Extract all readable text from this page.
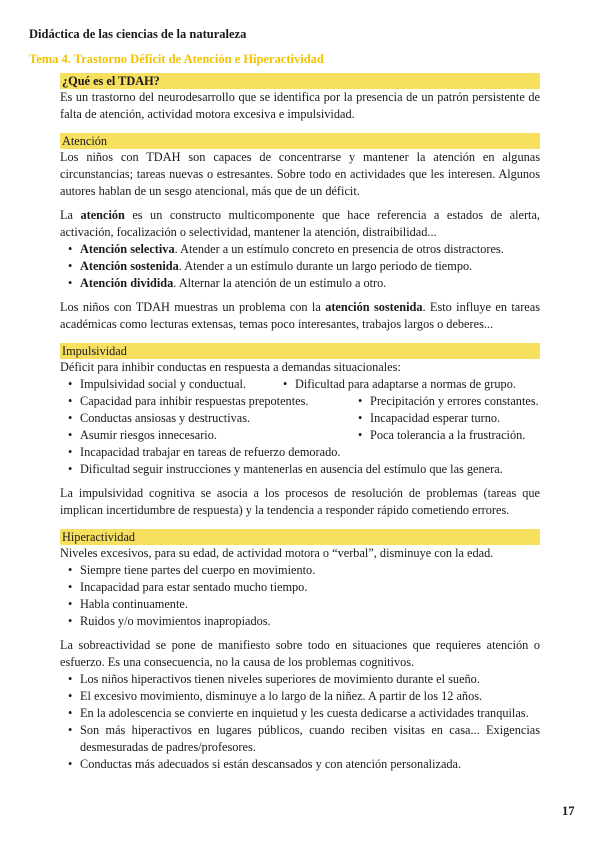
Didáctica de las ciencias de la naturaleza
Tema 4. Trastorno Déficit de Atención e Hiperactividad
¿Qué es el TDAH?

Es un trastorno del neurodesarrollo que se identifica por la presencia de un patrón persistente de falta de atención, actividad motora excesiva e impulsividad.

Atención

Los niños con TDAH son capaces de concentrarse y mantener la atención en algunas circunstancias; tareas nuevas o estresantes. Sobre todo en actividades que les interesen. Algunos autores hablan de un sesgo atencional, más que de un déficit.

La atención es un constructo multicomponente que hace referencia a estados de alerta, activación, focalización o selectividad, mantener la atención, distraibilidad...

• Atención selectiva. Atender a un estímulo concreto en presencia de otros distractores.
• Atención sostenida. Atender a un estímulo durante un largo periodo de tiempo.
• Atención dividida. Alternar la atención de un estímulo a otro.

Los niños con TDAH muestras un problema con la atención sostenida. Esto influye en tareas académicas como lecturas extensas, temas poco interesantes, trabajos largos o deberes...

Impulsividad

Déficit para inhibir conductas en respuesta a demandas situacionales:

• Impulsividad social y conductual.
• Capacidad para inhibir respuestas prepotentes.
• Conductas ansiosas y destructivas.
• Asumir riesgos innecesario.
• Dificultad para adaptarse a normas de grupo.
• Precipitación y errores constantes.
• Incapacidad esperar turno.
• Poca tolerancia a la frustración.
• Incapacidad trabajar en tareas de refuerzo demorado.
• Dificultad seguir instrucciones y mantenerlas en ausencia del estímulo que las genera.

La impulsividad cognitiva se asocia a los procesos de resolución de problemas (tareas que implican incertidumbre de respuesta) y la tendencia a responder rápido cometiendo errores.

Hiperactividad

Niveles excesivos, para su edad, de actividad motora o “verbal”, disminuye con la edad.

• Siempre tiene partes del cuerpo en movimiento.
• Incapacidad para estar sentado mucho tiempo.
• Habla continuamente.
• Ruidos y/o movimientos inapropiados.

La sobreactividad se pone de manifiesto sobre todo en situaciones que requieres atención o esfuerzo. Es una consecuencia, no la causa de los problemas cognitivos.

• Los niños hiperactivos tienen niveles superiores de movimiento durante el sueño.
• El excesivo movimiento, disminuye a lo largo de la niñez. A partir de los 12 años.
• En la adolescencia se convierte en inquietud y les cuesta dedicarse a actividades tranquilas.
• Son más hiperactivos en lugares públicos, cuando reciben visitas en casa... Exigencias desmesuradas de padres/profesores.
• Conductas más adecuados si están descansados y con atención personalizada.
17
